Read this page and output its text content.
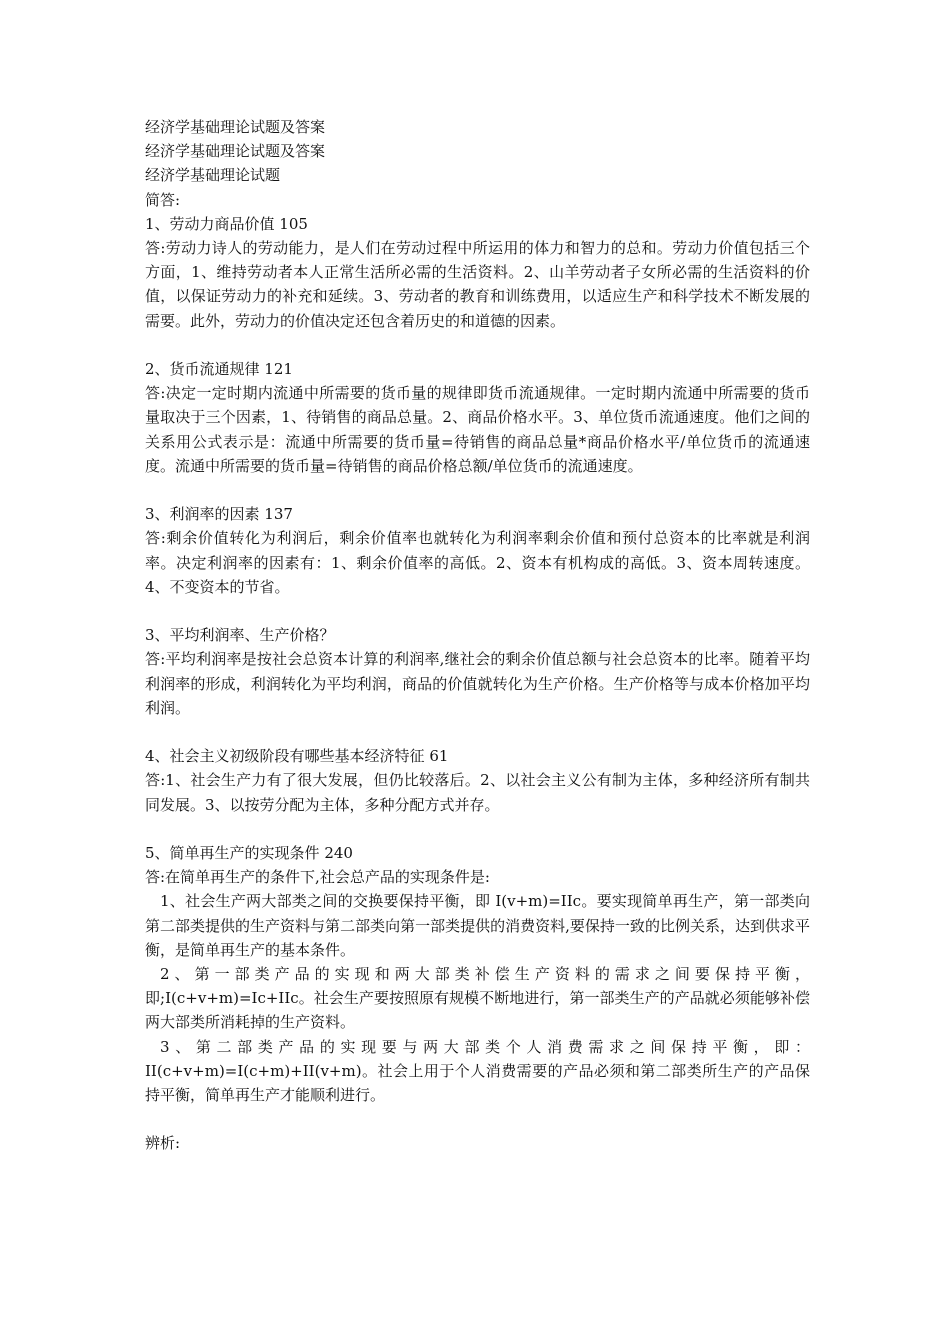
经济学基础理论试题及答案

经济学基础理论试题及答案

经济学基础理论试题

简答:

1、劳动力商品价值 105

答:劳动力诗人的劳动能力，是人们在劳动过程中所运用的体力和智力的总和。劳动力价值包括三个方面，1、维持劳动者本人正常生活所必需的生活资料。2、山羊劳动者子女所必需的生活资料的价值，以保证劳动力的补充和延续。3、劳动者的教育和训练费用，以适应生产和科学技术不断发展的需要。此外，劳动力的价值决定还包含着历史的和道德的因素。

2、货币流通规律 121

答:决定一定时期内流通中所需要的货币量的规律即货币流通规律。一定时期内流通中所需要的货币量取决于三个因素，1、待销售的商品总量。2、商品价格水平。3、单位货币流通速度。他们之间的关系用公式表示是：流通中所需要的货币量=待销售的商品总量*商品价格水平/单位货币的流通速度。流通中所需要的货币量=待销售的商品价格总额/单位货币的流通速度。

3、利润率的因素 137

答:剩余价值转化为利润后，剩余价值率也就转化为利润率剩余价值和预付总资本的比率就是利润率。决定利润率的因素有：1、剩余价值率的高低。2、资本有机构成的高低。3、资本周转速度。4、不变资本的节省。

3、平均利润率、生产价格？

答:平均利润率是按社会总资本计算的利润率,继社会的剩余价值总额与社会总资本的比率。随着平均利润率的形成，利润转化为平均利润，商品的价值就转化为生产价格。生产价格等与成本价格加平均利润。

4、社会主义初级阶段有哪些基本经济特征 61

答:1、社会生产力有了很大发展，但仍比较落后。2、以社会主义公有制为主体，多种经济所有制共同发展。3、以按劳分配为主体，多种分配方式并存。

5、简单再生产的实现条件 240

答:在简单再生产的条件下,社会总产品的实现条件是:

1、社会生产两大部类之间的交换要保持平衡，即 I(v+m)=IIc。要实现简单再生产，第一部类向第二部类提供的生产资料与第二部类向第一部类提供的消费资料,要保持一致的比例关系，达到供求平衡，是简单再生产的基本条件。

2、第一部类产品的实现和两大部类补偿生产资料的需求之间要保持平衡，即;I(c+v+m)=Ic+IIc。社会生产要按照原有规模不断地进行，第一部类生产的产品就必须能够补偿两大部类所消耗掉的生产资料。

3、第二部类产品的实现要与两大部类个人消费需求之间保持平衡，即：II(c+v+m)=I(c+m)+II(v+m)。社会上用于个人消费需要的产品必须和第二部类所生产的产品保持平衡，简单再生产才能顺利进行。

辨析:
